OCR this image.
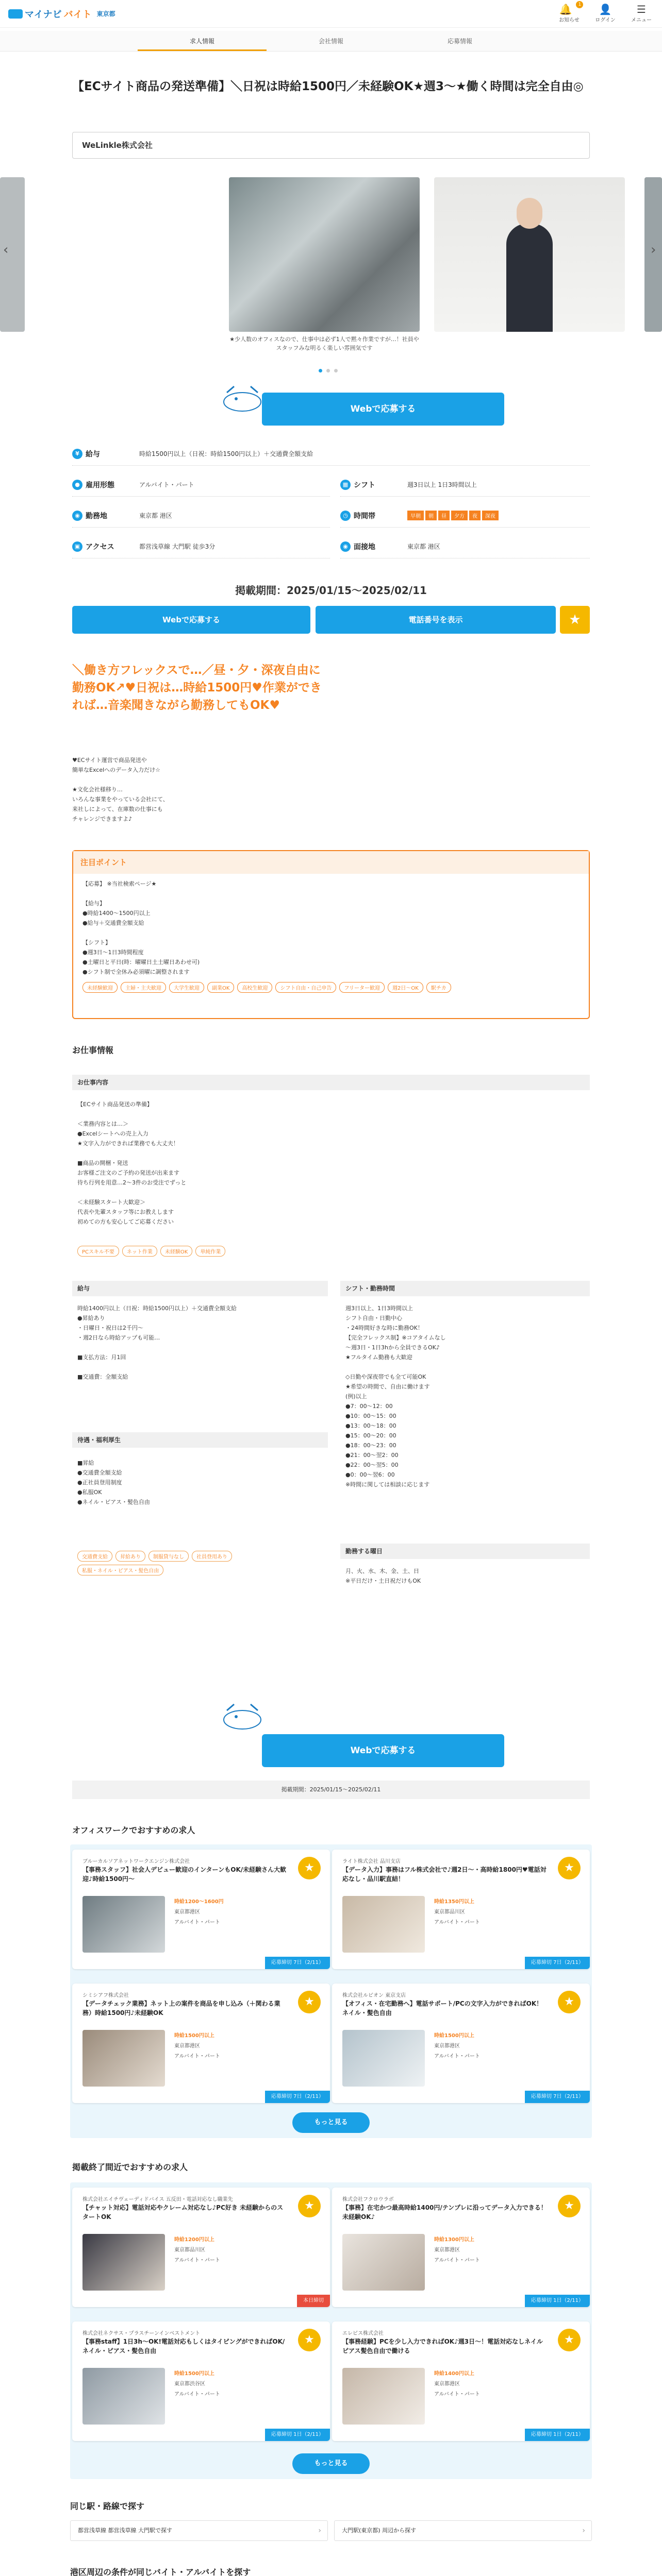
マイナビ バイト 東京都	🔔 1
お知らせ
👤
ログイン
☰
メニュー
求人情報	会社情報	応募情報
【ECサイト商品の発送準備】＼日祝は時給1500円／未経験OK★週3〜★働く時間は完全自由◎
WeLinkle株式会社
‹	›
★少人数のオフィスなので、仕事中は必ず1人で黙々作業ですが…！社員やスタッフみな明るく楽しい雰囲気です
Webで応募する
¥ 給与	時給1500円以上（日祝：時給1500円以上）＋交通費全額支給
● 雇用形態	アルバイト・パート	▦ シフト	週3日以上 1日3時間以上
◉ 勤務地	東京都 港区	◷ 時間帯	早朝	朝	昼	夕方	夜	深夜
▣ アクセス	都営浅草線 大門駅 徒歩3分	◉ 面接地	東京都 港区
掲載期間：2025/01/15〜2025/02/11
Webで応募する	電話番号を表示	★
＼働き方フレックスで…／昼・夕・深夜自由に勤務OK↗♥日祝は…時給1500円♥作業ができれば…音楽聞きながら勤務してもOK♥
♥ECサイト運営で商品発送や
簡単なExcelへのデータ入力だけ☆

★文化会社様移り…
いろんな事業をやっている会社にて、
来社しによって、在庫数の仕事にも
チャレンジできますよ♪
注目ポイント
【応募】 ※当社検索ページ★

【給与】
●時給1400〜1500円以上
●給与＋交通費全額支給

【シフト】
●週3日〜1日3時間程度
●土曜日と平日(時：曜曜日土土曜日あわせ可)
●シフト制で全休み必須曜に調整されます
未経験歓迎	主婦・主夫歓迎	大学生歓迎	副業OK	高校生歓迎	シフト自由・自己申告	フリーター歓迎	週2日〜OK	駅チカ
お仕事情報
お仕事内容
【ECサイト商品発送の準備】

＜業務内容とは…＞
●Excelシートへの売上入力
★文字入力ができれば業務でも大丈夫！

■商品の開梱・発送
お客様ご注文のご予約の発送が出来ます
待ち行列を用意…2〜3件のお受注でずっと

＜未経験スタート大歓迎＞
代表や先輩スタッフ等にお教えします
初めての方も安心してご応募ください
PCスキル不要	ネット作業	未経験OK	単純作業
給与
時給1400円以上（日祝：時給1500円以上）＋交通費全額支給
●昇給あり
・日曜日・祝日は2千円〜
・週2日なら時給アップも可能…

■支払方法：月1回

■交通費：全額支給
待遇・福利厚生
■昇給
●交通費全額支給
●正社員登用制度
●私服OK
●ネイル・ピアス・髪色自由
交通費支給	昇給あり	制服貸与なし	社員登用あり
私服・ネイル・ピアス・髪色自由
シフト・勤務時間
週3日以上、1日3時間以上
シフト自由・日勤中心
・24時間好きな時に勤務OK！
【完全フレックス制】※コアタイムなし
～週3日・1日3hから全員できるOK♪
★フルタイム勤務も大歓迎

◇日勤や深夜帯でも全て可能OK
★希望の時間で、自由に働けます
(例)以上
●7：00〜12：00
●10：00〜15：00
●13：00〜18：00
●15：00〜20：00
●18：00〜23：00
●21：00〜翌2：00
●22：00〜翌5：00
●0：00〜翌6：00
※時間に関しては相談に応じます
勤務する曜日
月、火、水、木、金、土、日
※平日だけ・土日祝だけもOK
Webで応募する
掲載期間：2025/01/15〜2025/02/11
オフィスワークでおすすめの求人
ブルーカルソアネットワークエンジン株式会社
【事務スタッフ】社会人デビュー歓迎のインターンもOK/未経験さん大歓迎♪時給1500円〜
★
時給1200〜1600円
東京都港区
アルバイト・パート
応募締切 7日（2/11）
ライト株式会社 品川支店
【データ入力】事務はフル株式会社で♪週2日〜・高時給1800円♥電話対応なし・品川駅直結！
★
時給1350円以上
東京都品川区
アルバイト・パート
応募締切 7日（2/11）
シミシアフ株式会社
【データチェック業務】ネット上の案件を商品を申し込み（＋関わる業務）時給1500円♪未経験OK
★
時給1500円以上
東京都港区
アルバイト・パート
応募締切 7日（2/11）
株式会社ルビオン 東京支店
【オフィス・在宅勤務へ】電話サポート/PCの文字入力ができればOK！ネイル・髪色自由
★
時給1500円以上
東京都港区
アルバイト・パート
応募締切 7日（2/11）
もっと見る
掲載終了間近でおすすめの求人
株式会社エイチヴェーディドバイス 五反田・電話対応なし職業先
【チャット対応】電話対応やクレーム対応なし♪PC好き 未経験からのスタートOK
★
時給1200円以上
東京都品川区
アルバイト・パート
本日締切
株式会社フクロウラボ
【事務】在宅かつ最高時給1400円/テンプレに沿ってデータ入力できる！未経験OK♪
★
時給1300円以上
東京都港区
アルバイト・パート
応募締切 1日（2/11）
株式会社ネクサス・プラスチーンインベストメント
【事務staff】1日3h〜OK!電話対応もしくはタイピングができればOK/ネイル・ピアス・髪色自由
★
時給1500円以上
東京都渋谷区
アルバイト・パート
応募締切 1日（2/11）
エレビス株式会社
【事務経験】PCを少し入力できればOK♪週3日〜！電話対応なしネイルピアス髪色自由で働ける
★
時給1400円以上
東京都港区
アルバイト・パート
応募締切 1日（2/11）
もっと見る
同じ駅・路線で探す
都営浅草線 都営浅草線 大門駅で探す ›	大門駅(東京都) 周辺から探す ›
港区周辺の条件が同じバイト・アルバイトを探す
